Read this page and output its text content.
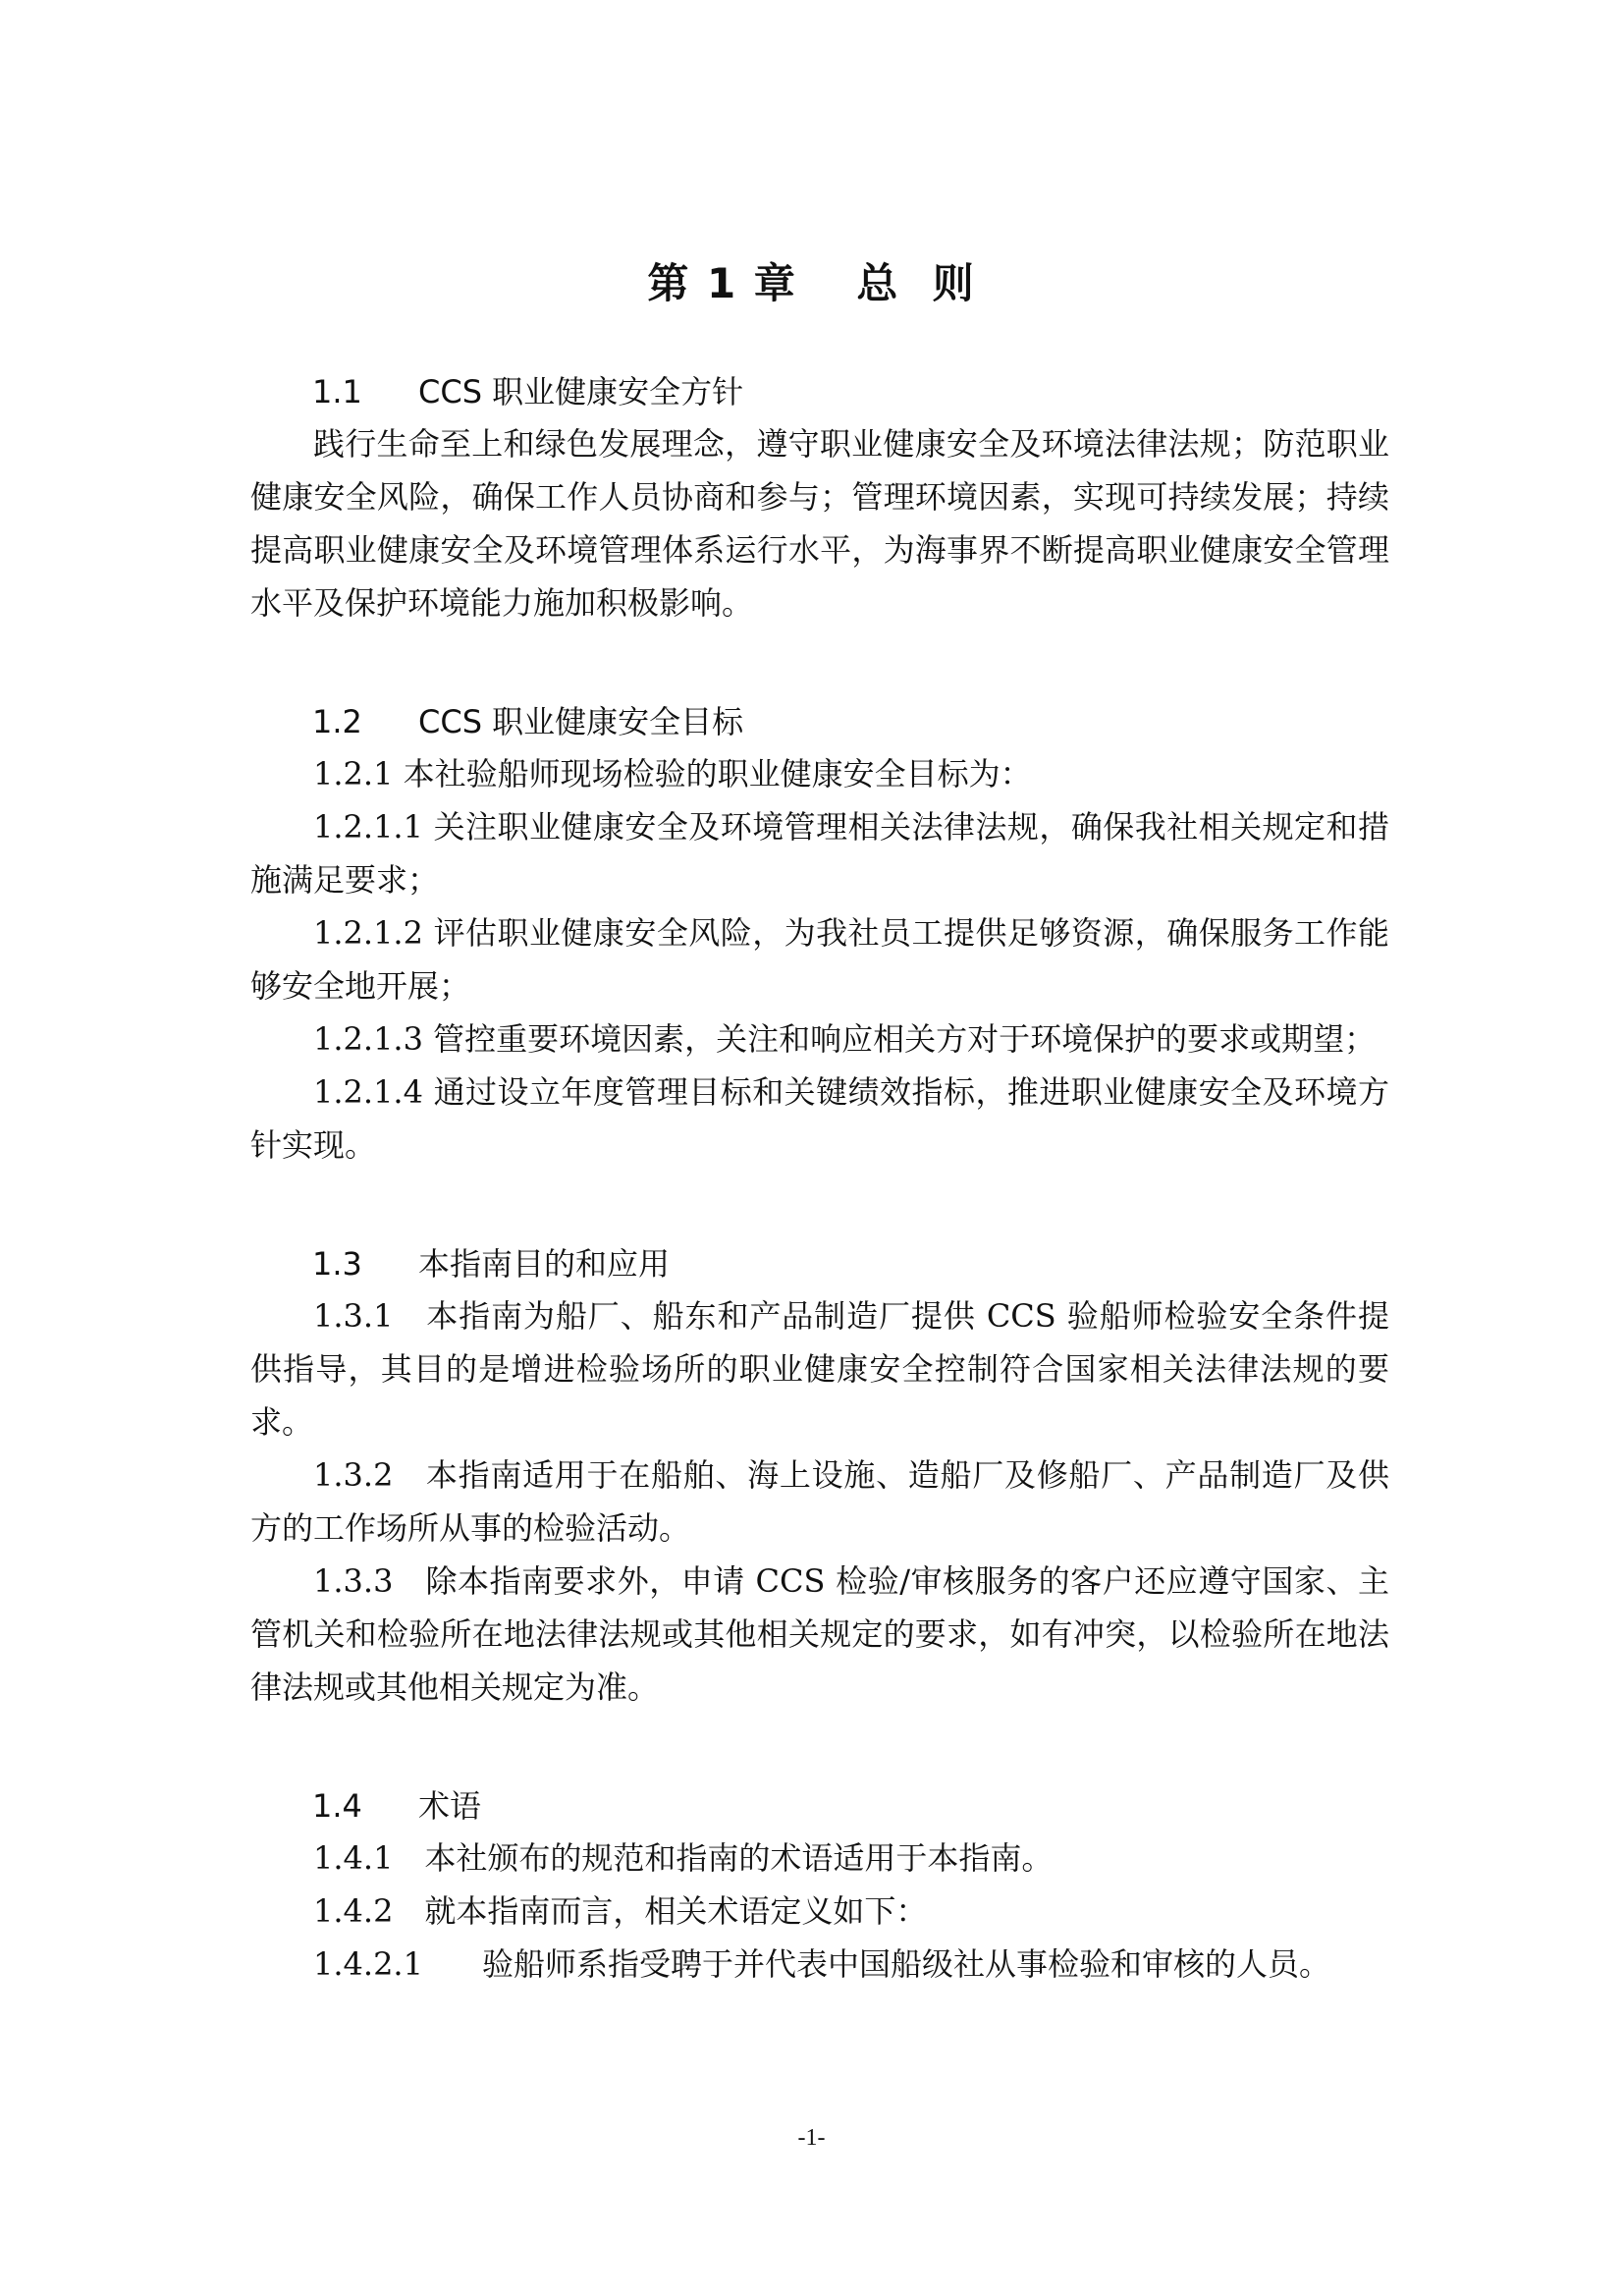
第 1 章　 总  则
1.1 CCS 职业健康安全方针

践行生命至上和绿色发展理念，遵守职业健康安全及环境法律法规；防范职业健康安全风险，确保工作人员协商和参与；管理环境因素，实现可持续发展；持续提高职业健康安全及环境管理体系运行水平，为海事界不断提高职业健康安全管理水平及保护环境能力施加积极影响。

1.2 CCS 职业健康安全目标

1.2.1 本社验船师现场检验的职业健康安全目标为：

1.2.1.1 关注职业健康安全及环境管理相关法律法规，确保我社相关规定和措施满足要求；

1.2.1.2 评估职业健康安全风险，为我社员工提供足够资源，确保服务工作能够安全地开展；

1.2.1.3 管控重要环境因素，关注和响应相关方对于环境保护的要求或期望；

1.2.1.4 通过设立年度管理目标和关键绩效指标，推进职业健康安全及环境方针实现。

1.3 本指南目的和应用

1.3.1　本指南为船厂、船东和产品制造厂提供 CCS 验船师检验安全条件提供指导，其目的是增进检验场所的职业健康安全控制符合国家相关法律法规的要求。

1.3.2　本指南适用于在船舶、海上设施、造船厂及修船厂、产品制造厂及供方的工作场所从事的检验活动。

1.3.3　除本指南要求外，申请 CCS 检验/审核服务的客户还应遵守国家、主管机关和检验所在地法律法规或其他相关规定的要求，如有冲突，以检验所在地法律法规或其他相关规定为准。

1.4 术语

1.4.1　本社颁布的规范和指南的术语适用于本指南。

1.4.2　就本指南而言，相关术语定义如下：

1.4.2.1 验船师系指受聘于并代表中国船级社从事检验和审核的人员。

-1-
